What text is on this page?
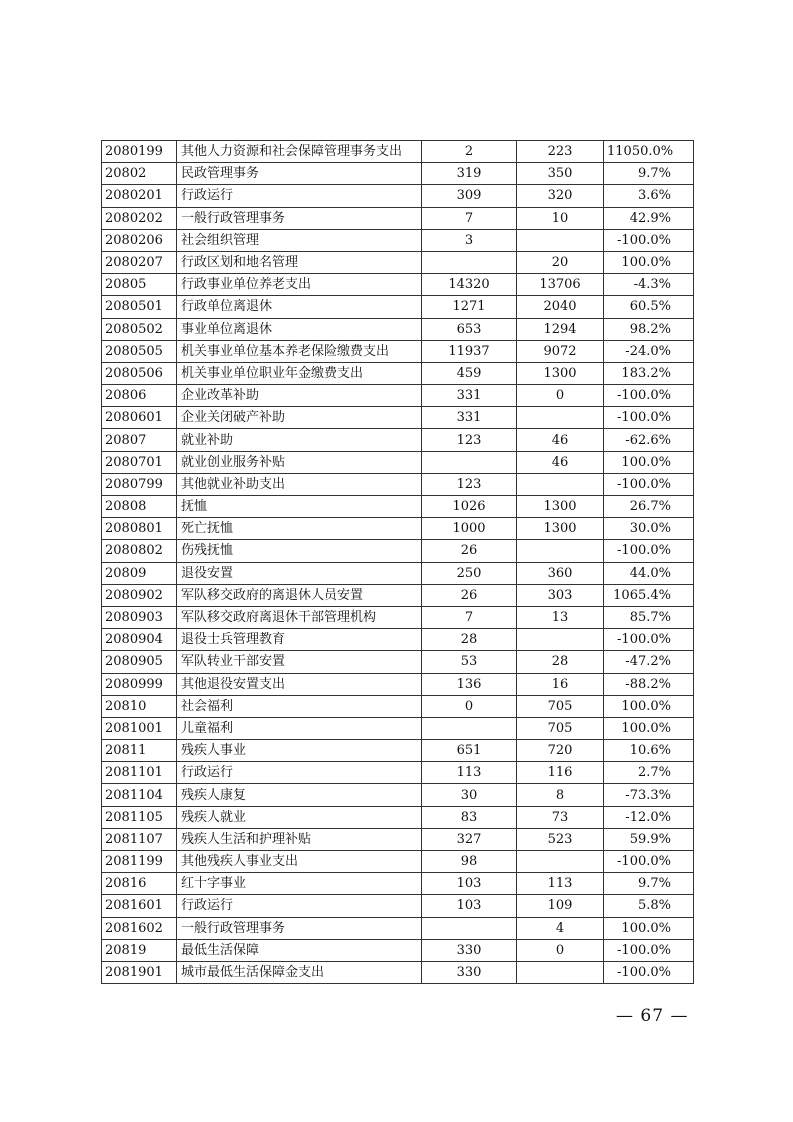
2080199	其他人力资源和社会保障管理事务支出	2	223	11050.0%
20802	民政管理事务	319	350	9.7%
2080201	行政运行	309	320	3.6%
2080202	一般行政管理事务	7	10	42.9%
2080206	社会组织管理	3		-100.0%
2080207	行政区划和地名管理		20	100.0%
20805	行政事业单位养老支出	14320	13706	-4.3%
2080501	行政单位离退休	1271	2040	60.5%
2080502	事业单位离退休	653	1294	98.2%
2080505	机关事业单位基本养老保险缴费支出	11937	9072	-24.0%
2080506	机关事业单位职业年金缴费支出	459	1300	183.2%
20806	企业改革补助	331	0	-100.0%
2080601	企业关闭破产补助	331		-100.0%
20807	就业补助	123	46	-62.6%
2080701	就业创业服务补贴		46	100.0%
2080799	其他就业补助支出	123		-100.0%
20808	抚恤	1026	1300	26.7%
2080801	死亡抚恤	1000	1300	30.0%
2080802	伤残抚恤	26		-100.0%
20809	退役安置	250	360	44.0%
2080902	军队移交政府的离退休人员安置	26	303	1065.4%
2080903	军队移交政府离退休干部管理机构	7	13	85.7%
2080904	退役士兵管理教育	28		-100.0%
2080905	军队转业干部安置	53	28	-47.2%
2080999	其他退役安置支出	136	16	-88.2%
20810	社会福利	0	705	100.0%
2081001	儿童福利		705	100.0%
20811	残疾人事业	651	720	10.6%
2081101	行政运行	113	116	2.7%
2081104	残疾人康复	30	8	-73.3%
2081105	残疾人就业	83	73	-12.0%
2081107	残疾人生活和护理补贴	327	523	59.9%
2081199	其他残疾人事业支出	98		-100.0%
20816	红十字事业	103	113	9.7%
2081601	行政运行	103	109	5.8%
2081602	一般行政管理事务		4	100.0%
20819	最低生活保障	330	0	-100.0%
2081901	城市最低生活保障金支出	330		-100.0%
— 67 —
